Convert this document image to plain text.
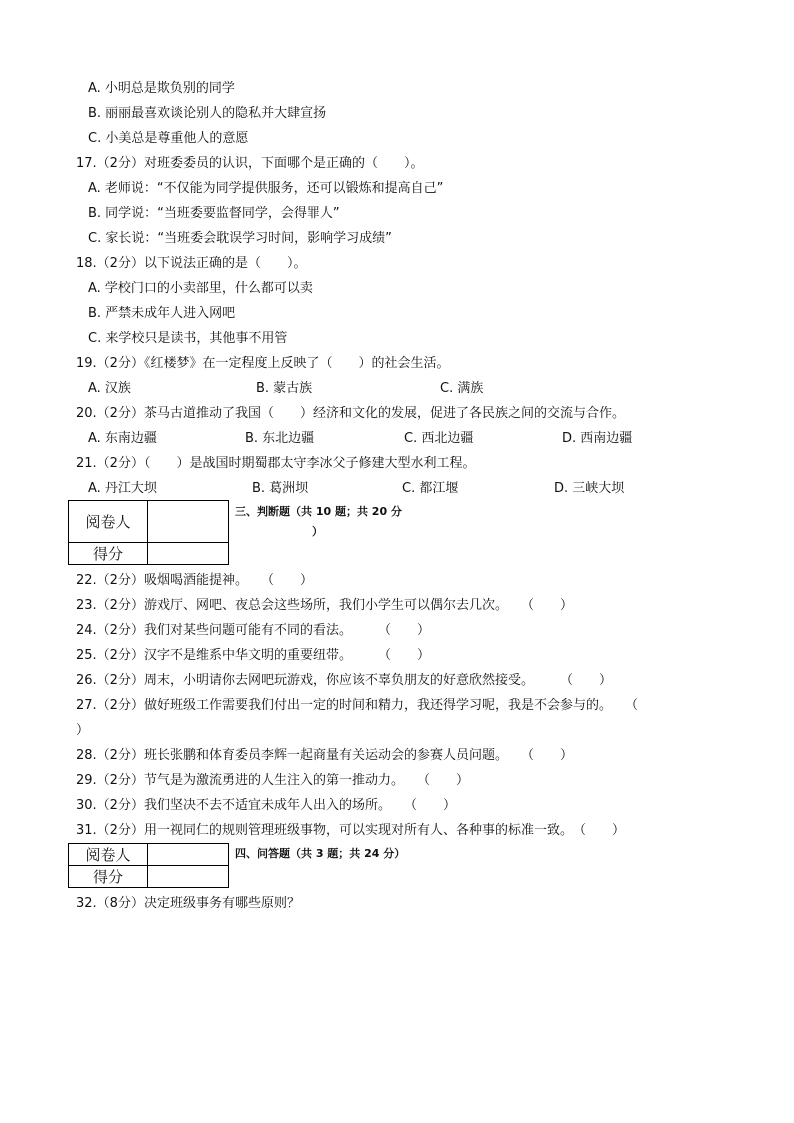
A. 小明总是欺负别的同学
B. 丽丽最喜欢谈论别人的隐私并大肆宣扬
C. 小美总是尊重他人的意愿
17.（2分）对班委委员的认识，下面哪个是正确的（　　）。
A. 老师说：“不仅能为同学提供服务，还可以锻炼和提高自己”
B. 同学说：“当班委要监督同学，会得罪人”
C. 家长说：“当班委会耽误学习时间，影响学习成绩”
18.（2分）以下说法正确的是（　　）。
A. 学校门口的小卖部里，什么都可以卖
B. 严禁未成年人进入网吧
C. 来学校只是读书，其他事不用管
19.（2分）《红楼梦》在一定程度上反映了（　　）的社会生活。
A. 汉族	B. 蒙古族	C. 满族
20.（2分）茶马古道推动了我国（　　）经济和文化的发展，促进了各民族之间的交流与合作。
A. 东南边疆	B. 东北边疆	C. 西北边疆	D. 西南边疆
21.（2分）（　　）是战国时期蜀郡太守李冰父子修建大型水利工程。
A. 丹江大坝	B. 葛洲坝	C. 都江堰	D. 三峡大坝
阅卷人	
得分	
三、判断题（共 10 题；共 20 分
）
22.（2分）吸烟喝酒能提神。　　（　　）
23.（2分）游戏厅、网吧、夜总会这些场所，我们小学生可以偶尔去几次。　　（　　）
24.（2分）我们对某些问题可能有不同的看法。　　　（　　）
25.（2分）汉字不是维系中华文明的重要纽带。　　　（　　）
26.（2分）周末，小明请你去网吧玩游戏，你应该不辜负朋友的好意欣然接受。　　　（　　）
27.（2分）做好班级工作需要我们付出一定的时间和精力，我还得学习呢，我是不会参与的。　　（
）
28.（2分）班长张鹏和体育委员李辉一起商量有关运动会的参赛人员问题。　　（　　）
29.（2分）节气是为激流勇进的人生注入的第一推动力。　　（　　）
30.（2分）我们坚决不去不适宜未成年人出入的场所。　　（　　）
31.（2分）用一视同仁的规则管理班级事物，可以实现对所有人、各种事的标准一致。　（　　）
阅卷人	
得分	
四、问答题（共 3 题；共 24 分）
32.（8分）决定班级事务有哪些原则？
